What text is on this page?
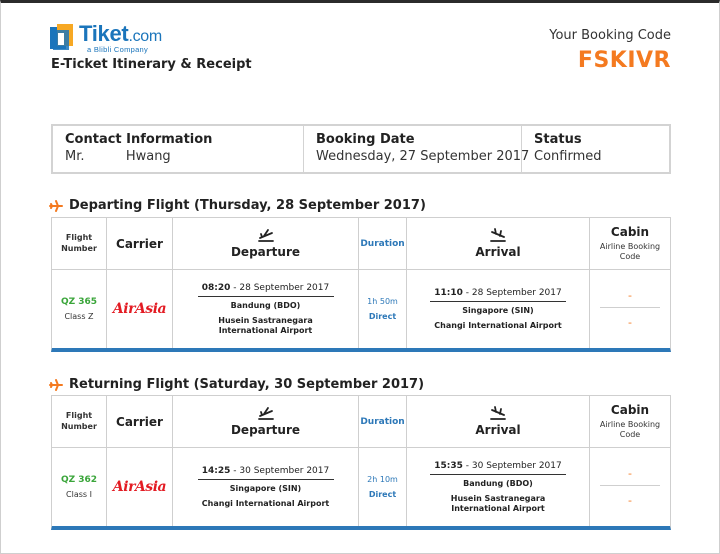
Tiket.com
a Blibli Company
E-Ticket Itinerary & Receipt
Your Booking Code
FSKIVR
Contact Information
Mr.          Hwang
Booking Date
Wednesday, 27 September 2017
Status
Confirmed
Departing Flight (Thursday, 28 September 2017)
Flight Number Carrier
Departure
Duration
Arrival
Cabin
Airline Booking Code
QZ 365
Class Z AirAsia
08:20 - 28 September 2017
Bandung (BDO)
Husein Sastranegara International Airport
1h 50m
Direct
11:10 - 28 September 2017
Singapore (SIN)
Changi International Airport
-
-
Returning Flight (Saturday, 30 September 2017)
Flight Number Carrier
Departure
Duration
Arrival
Cabin
Airline Booking Code
QZ 362
Class I AirAsia
14:25 - 30 September 2017
Singapore (SIN)
Changi International Airport
2h 10m
Direct
15:35 - 30 September 2017
Bandung (BDO)
Husein Sastranegara International Airport
-
-
